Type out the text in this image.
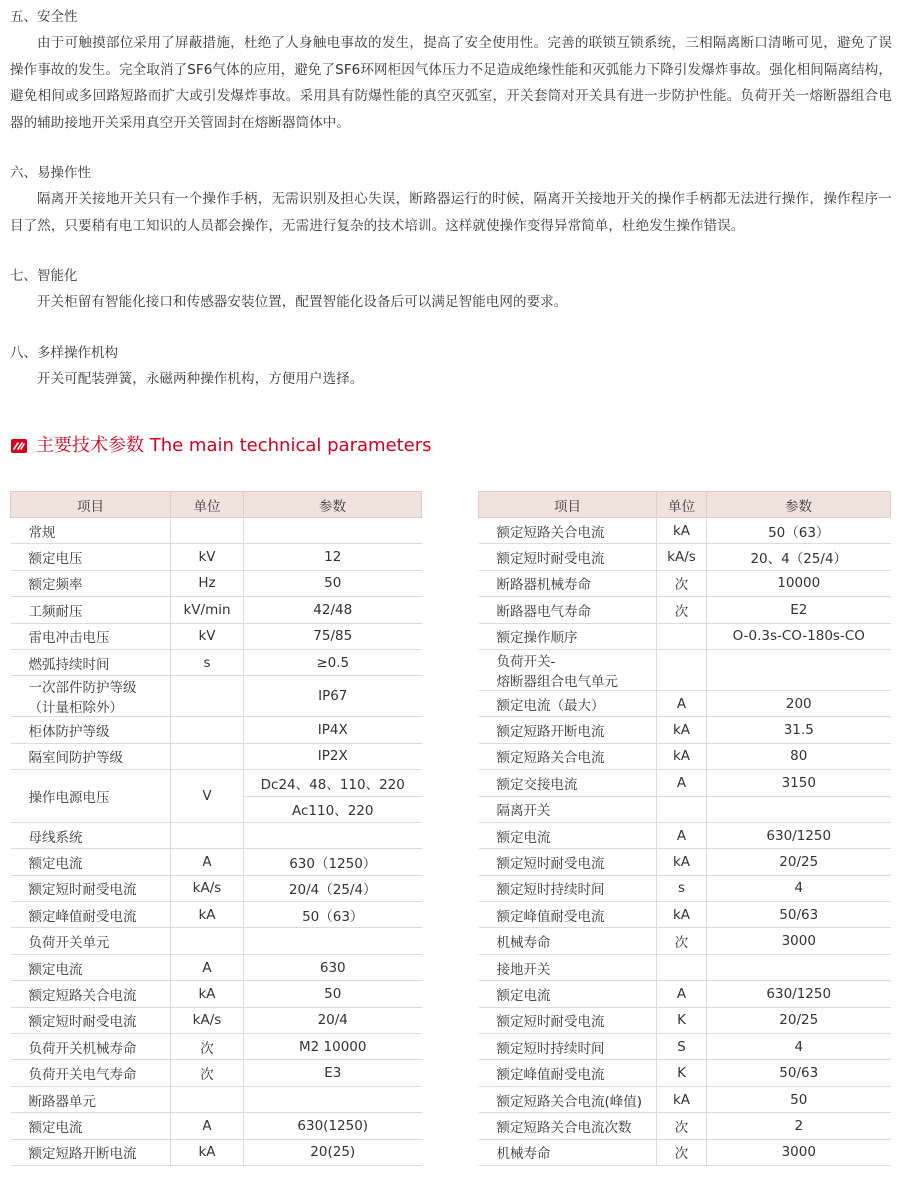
五、安全性

由于可触摸部位采用了屏蔽措施，杜绝了人身触电事故的发生，提高了安全使用性。完善的联锁互锁系统，三相隔离断口清晰可见，避免了误操作事故的发生。完全取消了SF6气体的应用，避免了SF6环网柜因气体压力不足造成绝缘性能和灭弧能力下降引发爆炸事故。强化相间隔离结构，避免相间或多回路短路而扩大或引发爆炸事故。采用具有防爆性能的真空灭弧室，开关套筒对开关具有进一步防护性能。负荷开关一熔断器组合电器的辅助接地开关采用真空开关管固封在熔断器筒体中。

六、易操作性

隔离开关接地开关只有一个操作手柄，无需识别及担心失误，断路器运行的时候，隔离开关接地开关的操作手柄都无法进行操作，操作程序一目了然，只要稍有电工知识的人员都会操作，无需进行复杂的技术培训。这样就使操作变得异常简单，杜绝发生操作错误。

七、智能化

开关柜留有智能化接口和传感器安装位置，配置智能化设备后可以满足智能电网的要求。

八、多样操作机构

开关可配装弹簧，永磁两种操作机构，方便用户选择。

主要技术参数 The main technical parameters
项目	单位	参数
常规		
额定电压	kV	12
额定频率	Hz	50
工频耐压	kV/min	42/48
雷电冲击电压	kV	75/85
燃弧持续时间	s	≥0.5

一次部件防护等级
（计量柜除外）		IP67

柜体防护等级		IP4X
隔室间防护等级		IP2X
操作电源电压	V	Dc24、48、110、220
		Ac110、220
母线系统		
额定电流	A	630（1250）
额定短时耐受电流	kA/s	20/4（25/4）
额定峰值耐受电流	kA	50（63）
负荷开关单元		
额定电流	A	630
额定短路关合电流	kA	50
额定短时耐受电流	kA/s	20/4
负荷开关机械寿命	次	M2 10000
负荷开关电气寿命	次	E3
断路器单元		
额定电流	A	630(1250)
额定短路开断电流	kA	20(25)
项目	单位	参数
额定短路关合电流	kA	50（63）
额定短时耐受电流	kA/s	20、4（25/4）
断路器机械寿命	次	10000
断路器电气寿命	次	E2
额定操作顺序		O-0.3s-CO-180s-CO

负荷开关-
熔断器组合电气单元		

额定电流（最大）	A	200
额定短路开断电流	kA	31.5
额定短路关合电流	kA	80
额定交接电流	A	3150
隔离开关		
额定电流	A	630/1250
额定短时耐受电流	kA	20/25
额定短时持续时间	s	4
额定峰值耐受电流	kA	50/63
机械寿命	次	3000
接地开关		
额定电流	A	630/1250
额定短时耐受电流	K	20/25
额定短时持续时间	S	4
额定峰值耐受电流	K	50/63
额定短路关合电流(峰值)	kA	50
额定短路关合电流次数	次	2
机械寿命	次	3000
